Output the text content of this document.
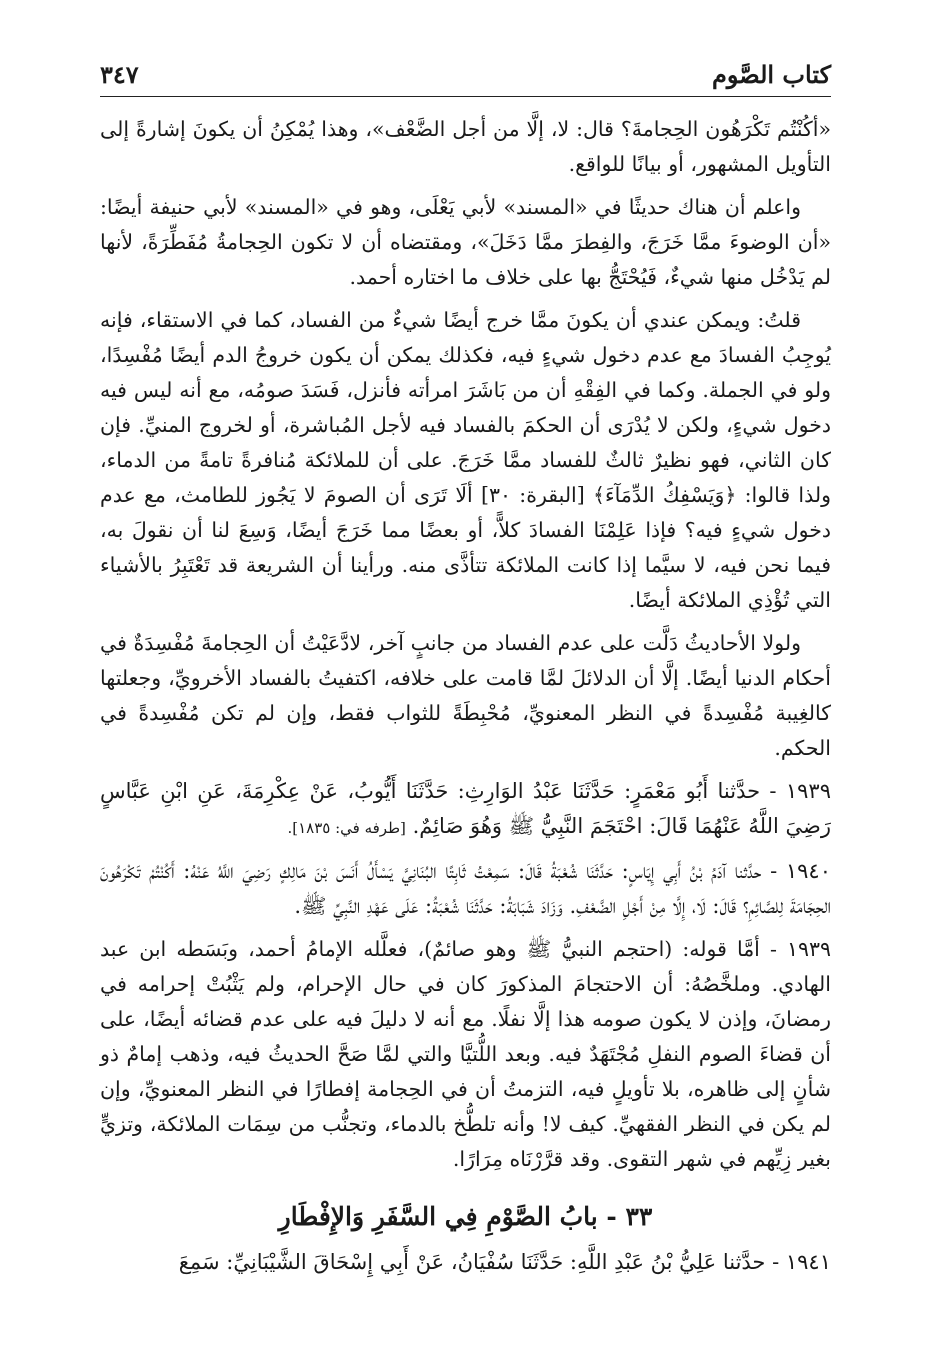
٣٤٧	كتاب الصَّوم

«أكُنْتُم تَكْرَهُون الحِجامةَ؟ قال: لا، إلَّا من أجل الضَّعْف»، وهذا يُمْكِنُ أن يكونَ إشارةً إلى التأويل المشهور، أو بيانًا للواقع.

واعلم أن هناك حديثًا في «المسند» لأبي يَعْلَى، وهو في «المسند» لأبي حنيفة أيضًا: «أن الوضوءَ ممَّا خَرَجَ، والفِطرَ ممَّا دَخَلَ»، ومقتضاه أن لا تكون الحِجامةُ مُفَطِّرَةً، لأنها لم يَدْخُل منها شيءٌ، فَيُحْتَجُّ بها على خلاف ما اختاره أحمد.

قلتُ: ويمكن عندي أن يكونَ ممَّا خرج أيضًا شيءٌ من الفساد، كما في الاستقاء، فإنه يُوجِبُ الفسادَ مع عدم دخول شيءٍ فيه، فكذلك يمكن أن يكون خروجُ الدم أيضًا مُفْسِدًا، ولو في الجملة. وكما في الفِقْهِ أن من بَاشَرَ امرأته فأنزل، فَسَدَ صومُه، مع أنه ليس فيه دخول شيءٍ، ولكن لا يُدْرَى أن الحكمَ بالفساد فيه لأجل المُباشرة، أو لخروج المنيِّ. فإن كان الثاني، فهو نظيرٌ ثالثٌ للفساد ممَّا خَرَجَ. على أن للملائكة مُنافرةً تامةً من الدماء، ولذا قالوا: ﴿وَيَسْفِكُ الدِّمَآءَ﴾ [البقرة: ٣٠] ألَا تَرَى أن الصومَ لا يَجُوز للطامث، مع عدم دخول شيءٍ فيه؟ فإذا عَلِمْنَا الفسادَ كلاًّ، أو بعضًا مما خَرَجَ أيضًا، وَسِعَ لنا أن نقولَ به، فيما نحن فيه، لا سيَّما إذا كانت الملائكة تتأذَّى منه. ورأينا أن الشريعة قد تَعْتَبِرُ بالأشياء التي تُؤْذِي الملائكة أيضًا.

ولولا الأحاديثُ دَلَّت على عدم الفساد من جانبٍ آخر، لادَّعَيْتُ أن الحِجامةَ مُفْسِدَةٌ في أحكام الدنيا أيضًا. إلَّا أن الدلائلَ لمَّا قامت على خلافه، اكتفيتُ بالفساد الأخرويِّ، وجعلتها كالغِيبة مُفْسِدةً في النظر المعنويِّ، مُحْبِطَةً للثواب فقط، وإن لم تكن مُفْسِدةً في الحكم.

١٩٣٩ - حدَّثنا أَبُو مَعْمَرٍ: حَدَّثَنَا عَبْدُ الوَارِثِ: حَدَّثَنَا أَيُّوبُ، عَنْ عِكْرِمَةَ، عَنِ ابْنِ عَبَّاسٍ رَضِيَ اللَّهُ عَنْهُمَا قَالَ: احْتَجَمَ النَّبِيُّ ﷺ وَهُوَ صَائِمٌ. [طرفه في: ١٨٣٥].

١٩٤٠ - حدَّثنا آدَمُ بْنُ أَبِي إِيَاسٍ: حَدَّثَنَا شُعْبَةُ قَالَ: سَمِعْتُ ثَابِتًا البُنَانِيَّ يَسْأَلُ أَنَسَ بْنَ مَالِكٍ رَضِيَ اللَّهُ عَنْهُ: أَكُنْتُمْ تَكْرَهُونَ الحِجَامَةَ لِلصَّائِمِ؟ قَالَ: لَا، إِلَّا مِنْ أَجْلِ الضَّعْفِ. وَزَادَ شَبَابَةُ: حَدَّثَنَا شُعْبَةُ: عَلَى عَهْدِ النَّبِيِّ ﷺ.

١٩٣٩ - أمَّا قوله: (احتجم النبيُّ ﷺ وهو صائمٌ)، فعلَّله الإمامُ أحمد، وبَسَطه ابن عبد الهادي. وملخَّصُهُ: أن الاحتجامَ المذكورَ كان في حال الإحرام، ولم يَثْبُتْ إحرامه في رمضانَ، وإذن لا يكون صومه هذا إلَّا نفلًا. مع أنه لا دليلَ فيه على عدم قضائه أيضًا، على أن قضاءَ الصوم النفلِ مُجْتَهَدٌ فيه. وبعد اللُّتيَّا والتي لمَّا صَحَّ الحديثُ فيه، وذهب إمامٌ ذو شأنٍ إلى ظاهره، بلا تأويلٍ فيه، التزمتُ أن في الحِجامة إفطارًا في النظر المعنويِّ، وإن لم يكن في النظر الفقهيِّ. كيف لا! وأنه تلطُّخ بالدماء، وتجنُّب من سِمَات الملائكة، وتزيٍّ بغير زِيِّهم في شهر التقوى. وقد قرَّرْنَاه مِرَارًا.

٣٣ - بابُ الصَّوْمِ فِي السَّفَرِ وَالإِفْطَارِ

١٩٤١ - حدَّثنا عَلِيُّ بْنُ عَبْدِ اللَّهِ: حَدَّثَنَا سُفْيَانُ، عَنْ أَبِي إِسْحَاقَ الشَّيْبَانِيِّ: سَمِعَ
